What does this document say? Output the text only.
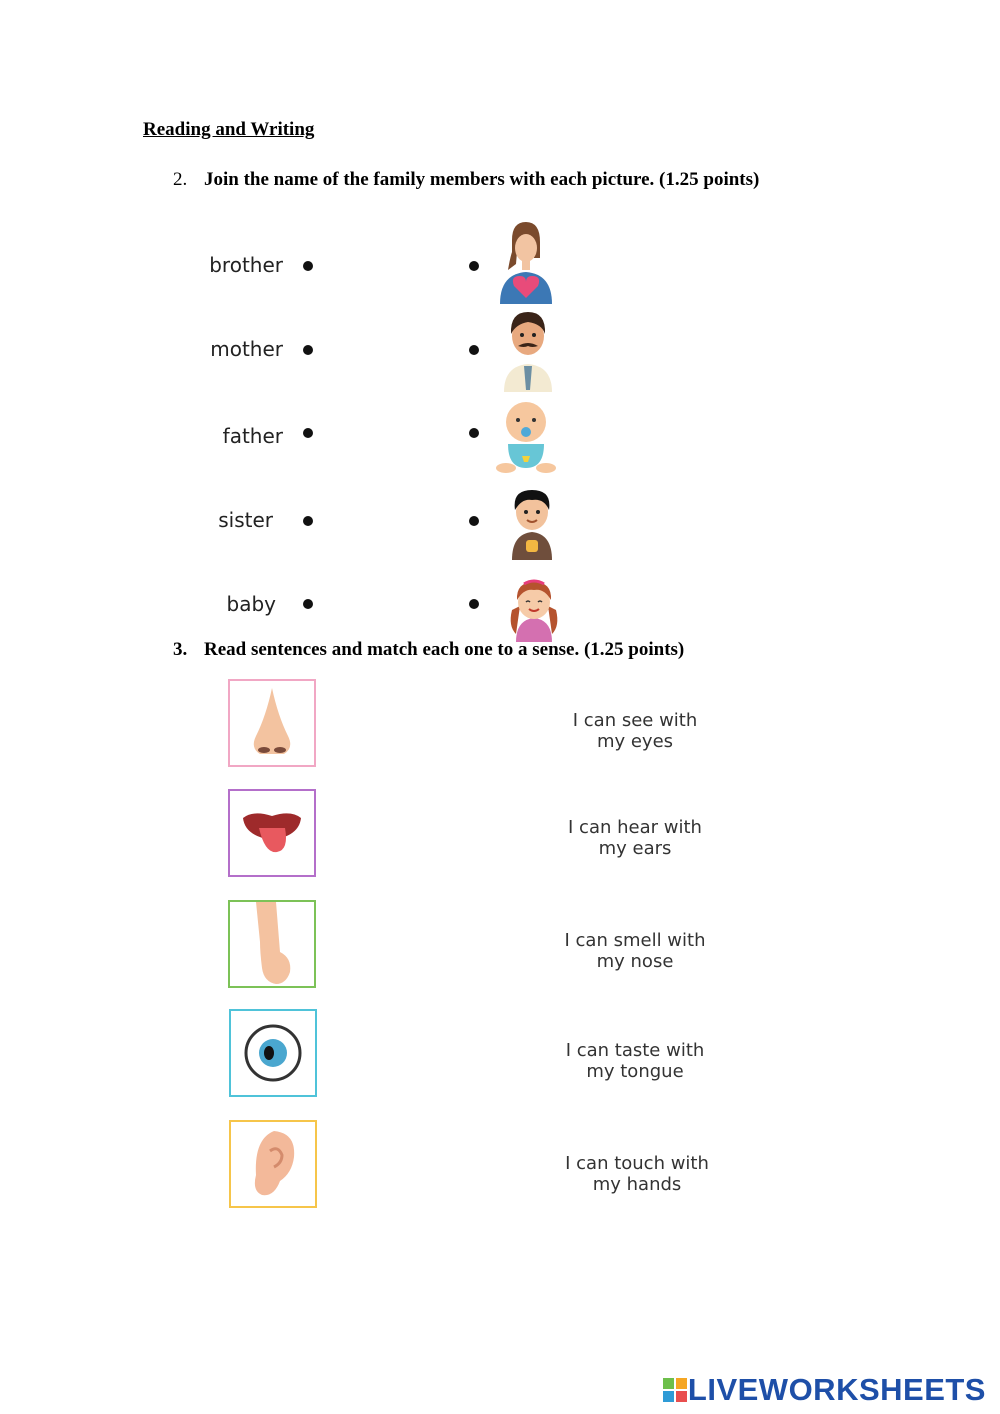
Reading and Writing
2. Join the name of the family members with each picture. (1.25 points)
brother
mother
father
sister
baby
3. Read sentences and match each one to a sense. (1.25 points)
I can see with
my eyes
I can hear with
my ears
I can smell with
my nose
I can taste with
my tongue
I can touch with
my hands
LIVEWORKSHEETS
